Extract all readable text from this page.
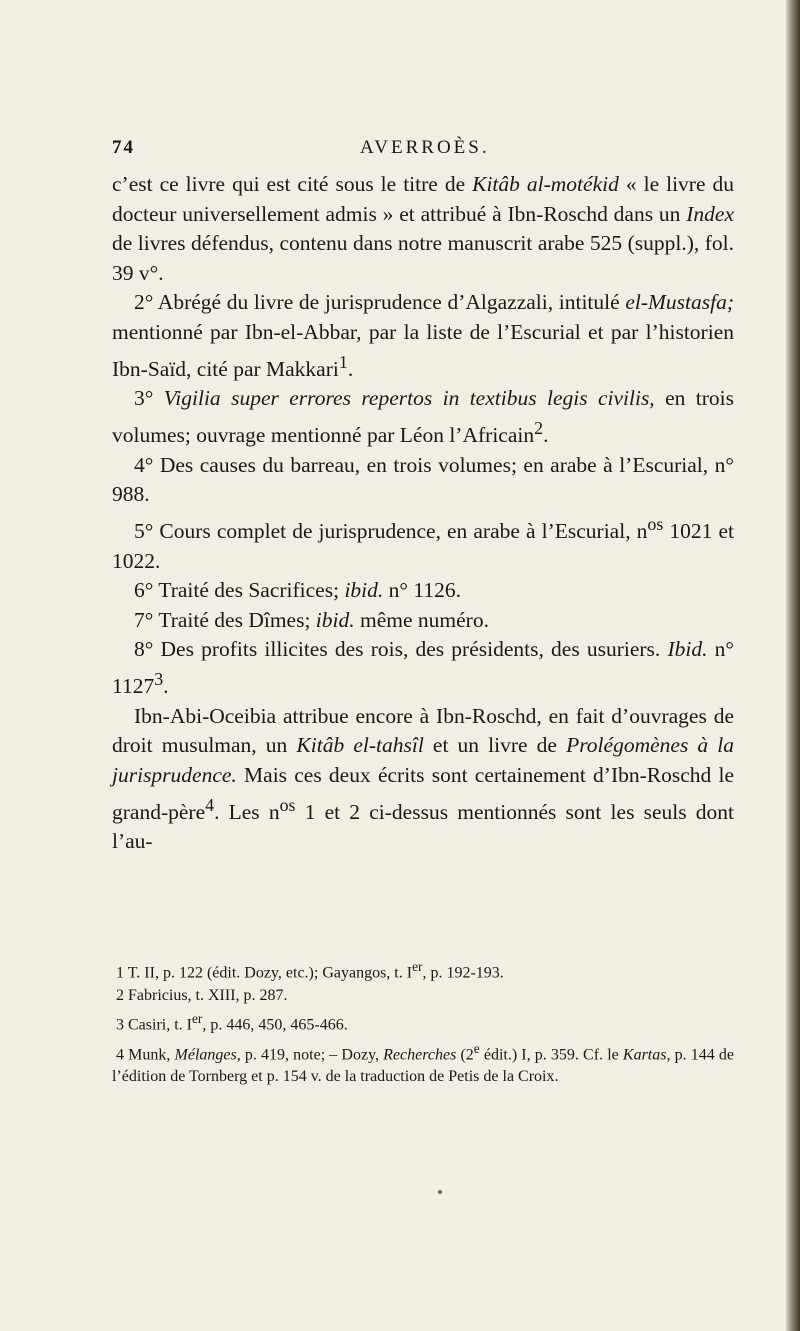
74	AVERROÈS.

c’est ce livre qui est cité sous le titre de Kitâb al-motékid « le livre du docteur universellement admis » et attribué à Ibn-Roschd dans un Index de livres défendus, contenu dans notre manuscrit arabe 525 (suppl.), fol. 39 v°.

2° Abrégé du livre de jurisprudence d’Algazzali, intitulé el-Mustasfa; mentionné par Ibn-el-Abbar, par la liste de l’Escurial et par l’historien Ibn-Saïd, cité par Makkari$^1$.

3° Vigilia super errores repertos in textibus legis civilis, en trois volumes; ouvrage mentionné par Léon l’Africain$^2$.

4° Des causes du barreau, en trois volumes; en arabe à l’Escurial, n° 988.

5° Cours complet de jurisprudence, en arabe à l’Escurial, $n^{os}$ 1021 et 1022.

6° Traité des Sacrifices; ibid. n° 1126.

7° Traité des Dîmes; ibid. même numéro.

8° Des profits illicites des rois, des présidents, des usuriers. Ibid. n° 1127$^3$.

Ibn-Abi-Oceibia attribue encore à Ibn-Roschd, en fait d’ouvrages de droit musulman, un Kitâb el-tahsîl et un livre de Prolégomènes à la jurisprudence. Mais ces deux écrits sont certainement d’Ibn-Roschd le grand-père$^4$. Les $n^{os}$ 1 et 2 ci-dessus mentionnés sont les seuls dont l’au-

1 T. II, p. 122 (édit. Dozy, etc.); Gayangos, t. Ier, p. 192-193.

2 Fabricius, t. XIII, p. 287.

3 Casiri, t. Ier, p. 446, 450, 465-466.

4 Munk, Mélanges, p. 419, note; – Dozy, Recherches (2e édit.) I, p. 359. Cf. le Kartas, p. 144 de l’édition de Tornberg et p. 154 v. de la traduction de Petis de la Croix.
